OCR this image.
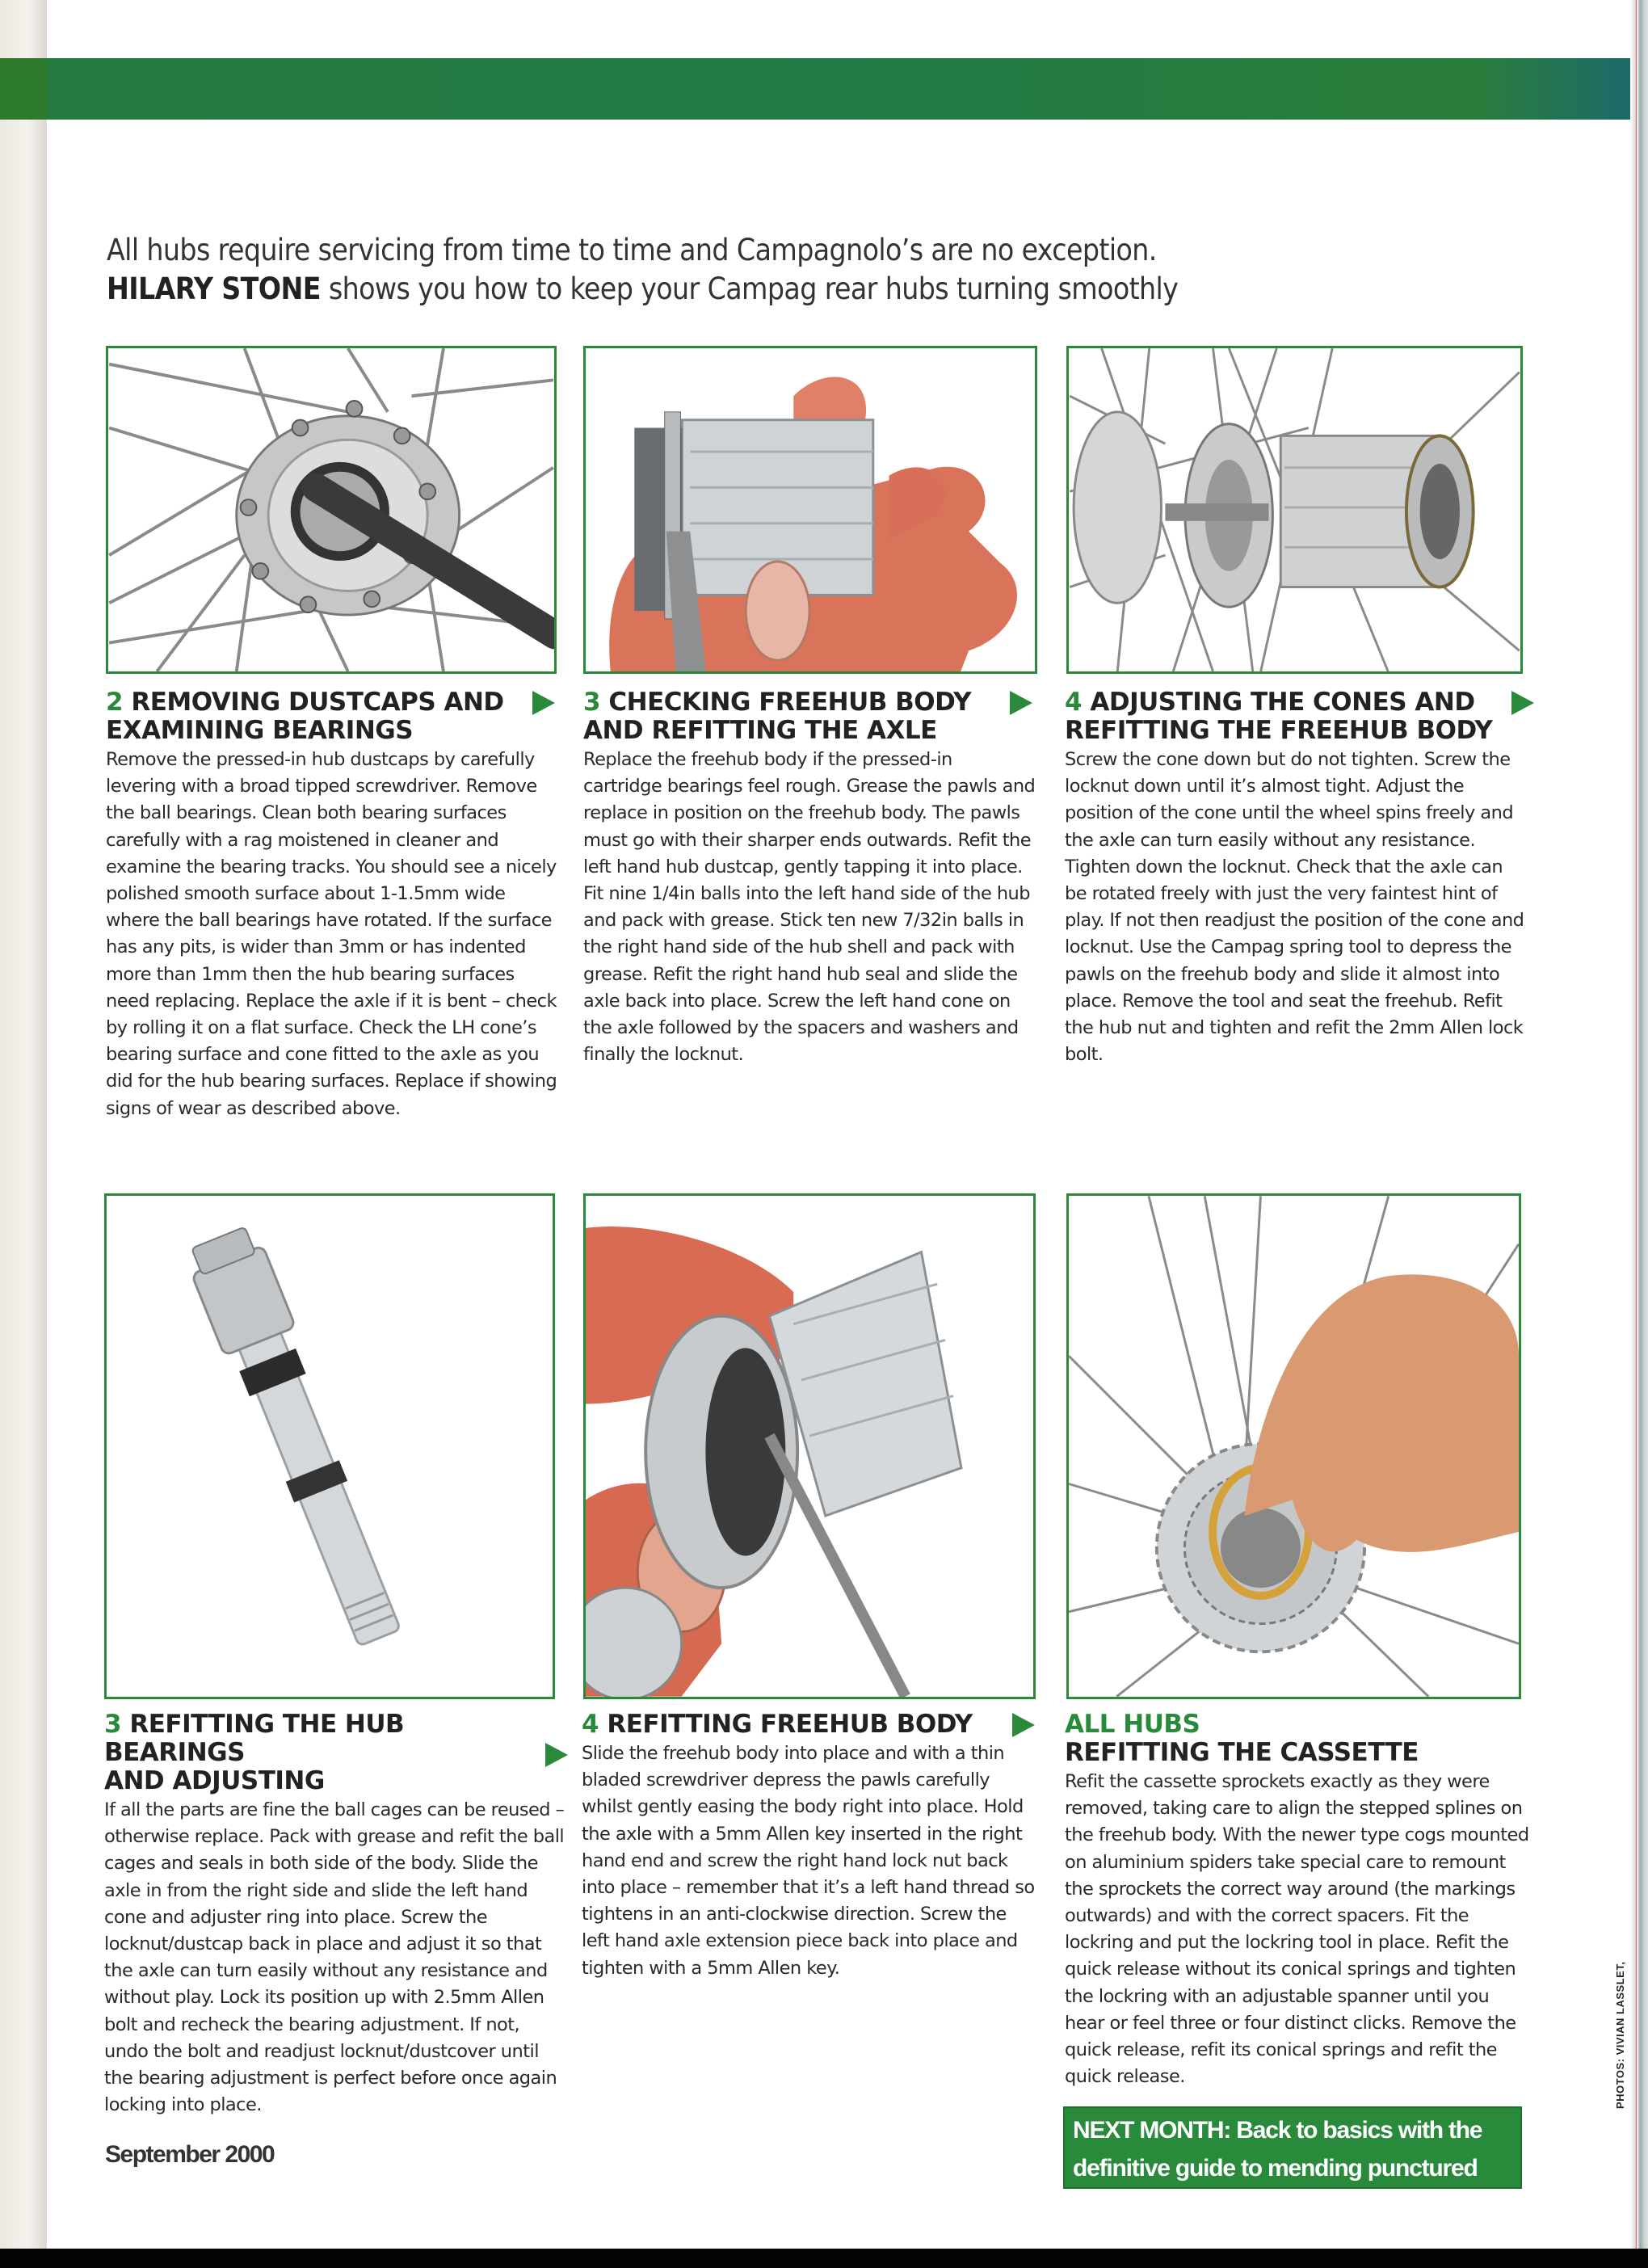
All hubs require servicing from time to time and Campagnolo’s are no exception.
HILARY STONE shows you how to keep your Campag rear hubs turning smoothly
2 REMOVING DUSTCAPS AND
EXAMINING BEARINGS

Remove the pressed-in hub dustcaps by carefully levering with a broad tipped screwdriver. Remove the ball bearings. Clean both bearing surfaces carefully with a rag moistened in cleaner and examine the bearing tracks. You should see a nicely polished smooth surface about 1-1.5mm wide where the ball bearings have rotated. If the surface has any pits, is wider than 3mm or has indented more than 1mm then the hub bearing surfaces need replacing. Replace the axle if it is bent – check by rolling it on a flat surface. Check the LH cone’s bearing surface and cone fitted to the axle as you did for the hub bearing surfaces. Replace if showing signs of wear as described above.

3 CHECKING FREEHUB BODY
AND REFITTING THE AXLE

Replace the freehub body if the pressed-in cartridge bearings feel rough. Grease the pawls and replace in position on the freehub body. The pawls must go with their sharper ends outwards. Refit the left hand hub dustcap, gently tapping it into place. Fit nine 1/4in balls into the left hand side of the hub and pack with grease. Stick ten new 7/32in balls in the right hand side of the hub shell and pack with grease. Refit the right hand hub seal and slide the axle back into place. Screw the left hand cone on the axle followed by the spacers and washers and finally the locknut.

4 ADJUSTING THE CONES AND
REFITTING THE FREEHUB BODY

Screw the cone down but do not tighten. Screw the locknut down until it’s almost tight. Adjust the position of the cone until the wheel spins freely and the axle can turn easily without any resistance. Tighten down the locknut. Check that the axle can be rotated freely with just the very faintest hint of play. If not then readjust the position of the cone and locknut. Use the Campag spring tool to depress the pawls on the freehub body and slide it almost into place. Remove the tool and seat the freehub. Refit the hub nut and tighten and refit the 2mm Allen lock bolt.

3 REFITTING THE HUB BEARINGS
AND ADJUSTING

If all the parts are fine the ball cages can be reused – otherwise replace. Pack with grease and refit the ball cages and seals in both side of the body. Slide the axle in from the right side and slide the left hand cone and adjuster ring into place. Screw the locknut/dustcap back in place and adjust it so that the axle can turn easily without any resistance and without play. Lock its position up with 2.5mm Allen bolt and recheck the bearing adjustment. If not, undo the bolt and readjust locknut/dustcover until the bearing adjustment is perfect before once again locking into place.

4 REFITTING FREEHUB BODY

Slide the freehub body into place and with a thin bladed screwdriver depress the pawls carefully whilst gently easing the body right into place. Hold the axle with a 5mm Allen key inserted in the right hand end and screw the right hand lock nut back into place – remember that it’s a left hand thread so tightens in an anti-clockwise direction. Screw the left hand axle extension piece back into place and tighten with a 5mm Allen key.

ALL HUBS
REFITTING THE CASSETTE

Refit the cassette sprockets exactly as they were removed, taking care to align the stepped splines on the freehub body. With the newer type cogs mounted on aluminium spiders take special care to remount the sprockets the correct way around (the markings outwards) and with the correct spacers. Fit the lockring and put the lockring tool in place. Refit the quick release without its conical springs and tighten the lockring with an adjustable spanner until you hear or feel three or four distinct clicks. Remove the quick release, refit its conical springs and refit the quick release.

NEXT MONTH: Back to basics with the definitive guide to mending punctured tyres...
September 2000
PHOTOS: VIVIAN LASSLET,
